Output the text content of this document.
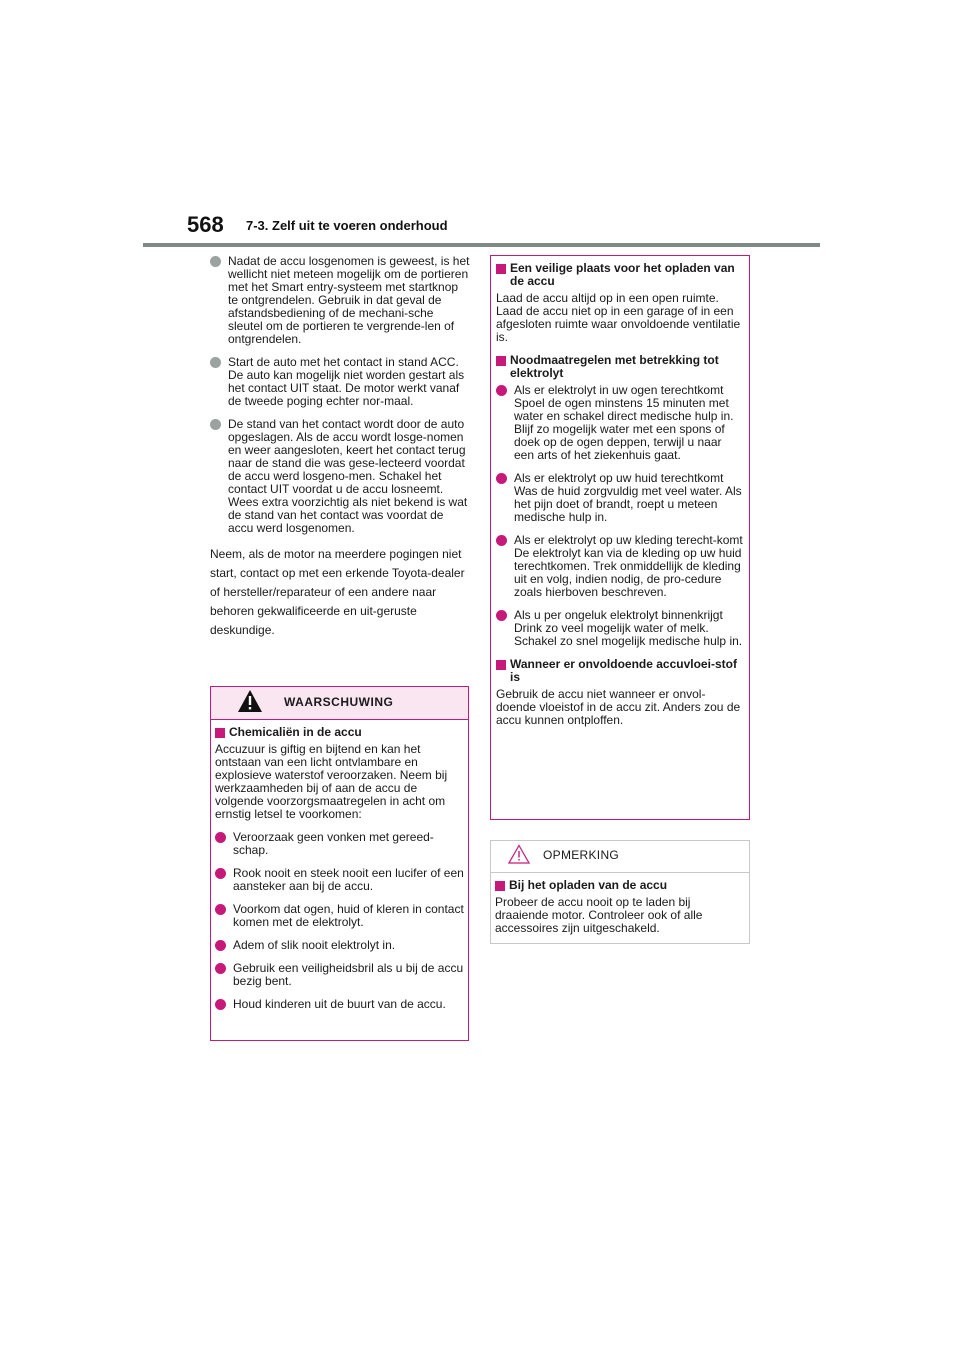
568 7-3. Zelf uit te voeren onderhoud
Nadat de accu losgenomen is geweest, is het wellicht niet meteen mogelijk om de portieren met het Smart entry-systeem met startknop te ontgrendelen. Gebruik in dat geval de afstandsbediening of de mechani-sche sleutel om de portieren te vergrende-len of ontgrendelen.
Start de auto met het contact in stand ACC. De auto kan mogelijk niet worden gestart als het contact UIT staat. De motor werkt vanaf de tweede poging echter nor-maal.
De stand van het contact wordt door de auto opgeslagen. Als de accu wordt losge-nomen en weer aangesloten, keert het contact terug naar de stand die was gese-lecteerd voordat de accu werd losgeno-men. Schakel het contact UIT voordat u de accu losneemt. Wees extra voorzichtig als niet bekend is wat de stand van het contact was voordat de accu werd losgenomen.

Neem, als de motor na meerdere pogingen niet start, contact op met een erkende Toyota-dealer of hersteller/reparateur of een andere naar behoren gekwalificeerde en uit-geruste deskundige.

WAARSCHUWING
Chemicaliën in de accu

Accuzuur is giftig en bijtend en kan het ontstaan van een licht ontvlambare en explosieve waterstof veroorzaken. Neem bij werkzaamheden bij of aan de accu de volgende voorzorgsmaatregelen in acht om ernstig letsel te voorkomen:

Veroorzaak geen vonken met gereed-schap.
Rook nooit en steek nooit een lucifer of een aansteker aan bij de accu.
Voorkom dat ogen, huid of kleren in contact komen met de elektrolyt.
Adem of slik nooit elektrolyt in.
Gebruik een veiligheidsbril als u bij de accu bezig bent.
Houd kinderen uit de buurt van de accu.
Een veilige plaats voor het opladen van de accu

Laad de accu altijd op in een open ruimte. Laad de accu niet op in een garage of in een afgesloten ruimte waar onvoldoende ventilatie is.

Noodmaatregelen met betrekking tot elektrolyt
Als er elektrolyt in uw ogen terechtkomt Spoel de ogen minstens 15 minuten met water en schakel direct medische hulp in. Blijf zo mogelijk water met een spons of doek op de ogen deppen, terwijl u naar een arts of het ziekenhuis gaat.
Als er elektrolyt op uw huid terechtkomt Was de huid zorgvuldig met veel water. Als het pijn doet of brandt, roept u meteen medische hulp in.
Als er elektrolyt op uw kleding terecht-komt De elektrolyt kan via de kleding op uw huid terechtkomen. Trek onmiddellijk de kleding uit en volg, indien nodig, de pro-cedure zoals hierboven beschreven.
Als u per ongeluk elektrolyt binnenkrijgt Drink zo veel mogelijk water of melk. Schakel zo snel mogelijk medische hulp in.
Wanneer er onvoldoende accuvloei-stof is

Gebruik de accu niet wanneer er onvol-doende vloeistof in de accu zit. Anders zou de accu kunnen ontploffen.

OPMERKING
Bij het opladen van de accu

Probeer de accu nooit op te laden bij draaiende motor. Controleer ook of alle accessoires zijn uitgeschakeld.
